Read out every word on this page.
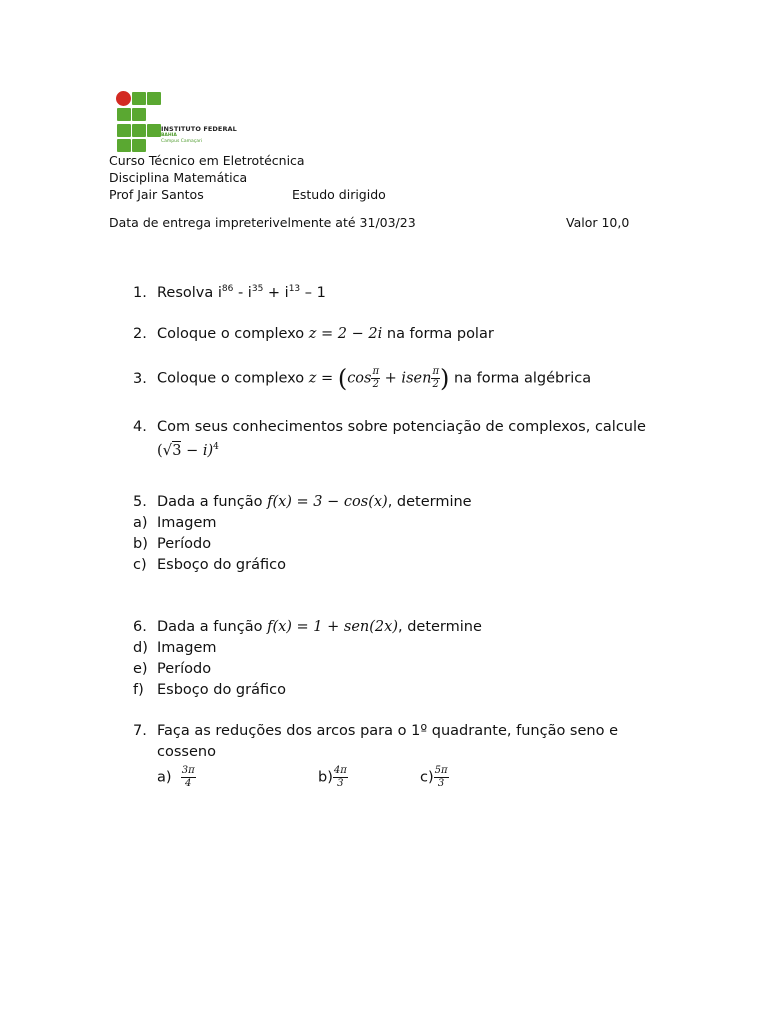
INSTITUTO FEDERAL
BAHIA
Campus Camaçari
Curso Técnico em Eletrotécnica
Disciplina Matemática
Prof Jair Santos	Estudo dirigido
Data de entrega impreterivelmente até 31/03/23	Valor 10,0
1. Resolva $i^{86} - i^{35} + i^{13} - 1$
2. Coloque o complexo z = 2 − 2i na forma polar
3. Coloque o complexo $z = (\cos \frac{\pi}{2}$ + isen $\frac{\pi}{2}$ ) na forma algébrica
4. Com seus conhecimentos sobre potenciação de complexos, calcule
$(√3 - i)^4$
5. Dada a função f(x) = 3 − cos(x), determine
a) Imagem
b) Período
c) Esboço do gráfico
6. Dada a função f(x) = 1 + sen(2x), determine
d) Imagem
e) Período
f) Esboço do gráfico
7. Faça as reduções dos arcos para o 1º quadrante, função seno e
cosseno
$a) \frac{3\pi}{4}$	$b) \frac{4\pi}{3}$	$c) \frac{5\pi}{3}$
